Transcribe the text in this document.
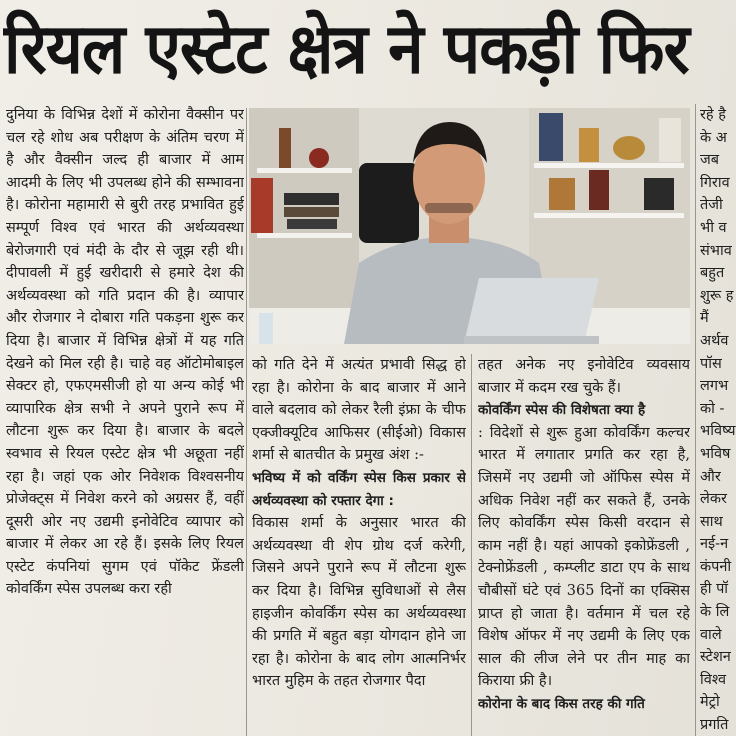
रियल एस्टेट क्षेत्र ने पकड़ी फिर

दुनिया के विभिन्न देशों में कोरोना वैक्सीन पर चल रहे शोध अब परीक्षण के अंतिम चरण में है और वैक्सीन जल्द ही बाजार में आम आदमी के लिए भी उपलब्ध होने की सम्भावना है। कोरोना महामारी से बुरी तरह प्रभावित हुई सम्पूर्ण विश्व एवं भारत की अर्थव्यवस्था बेरोजगारी एवं मंदी के दौर से जूझ रही थी। दीपावली में हुई खरीदारी से हमारे देश की अर्थव्यवस्था को गति प्रदान की है। व्यापार और रोजगार ने दोबारा गति पकड़ना शुरू कर दिया है। बाजार में विभिन्न क्षेत्रों में यह गति देखने को मिल रही है। चाहे वह ऑटोमोबाइल सेक्टर हो, एफएमसीजी हो या अन्य कोई भी व्यापारिक क्षेत्र सभी ने अपने पुराने रूप में लौटना शुरू कर दिया है। बाजार के बदले स्वभाव से रियल एस्टेट क्षेत्र भी अछूता नहीं रहा है। जहां एक ओर निवेशक विश्वसनीय प्रोजेक्ट्स में निवेश करने को अग्रसर हैं, वहीं दूसरी ओर नए उद्यमी इनोवेटिव व्यापार को बाजार में लेकर आ रहे हैं। इसके लिए रियल एस्टेट कंपनियां सुगम एवं पॉकेट फ्रेंडली कोवर्किंग स्पेस उपलब्ध करा रही

को गति देने में अत्यंत प्रभावी सिद्ध हो रहा है। कोरोना के बाद बाजार में आने वाले बदलाव को लेकर रैली इंफ्रा के चीफ एक्जीक्यूटिव आफिसर (सीईओ) विकास शर्मा से बातचीत के प्रमुख अंश :-

भविष्य में को वर्किंग स्पेस किस प्रकार से अर्थव्यवस्था को रफ्तार देगा :

विकास शर्मा के अनुसार भारत की अर्थव्यवस्था वी शेप ग्रोथ दर्ज करेगी, जिसने अपने पुराने रूप में लौटना शुरू कर दिया है। विभिन्न सुविधाओं से लैस हाइजीन कोवर्किंग स्पेस का अर्थव्यवस्था की प्रगति में बहुत बड़ा योगदान होने जा रहा है। कोरोना के बाद लोग आत्मनिर्भर भारत मुहिम के तहत रोजगार पैदा

तहत अनेक नए इनोवेटिव व्यवसाय बाजार में कदम रख चुके हैं।

कोवर्किंग स्पेस की विशेषता क्या है

: विदेशों से शुरू हुआ कोवर्किंग कल्चर भारत में लगातार प्रगति कर रहा है, जिसमें नए उद्यमी जो ऑफिस स्पेस में अधिक निवेश नहीं कर सकते हैं, उनके लिए कोवर्किंग स्पेस किसी वरदान से काम नहीं है। यहां आपको इकोफ्रेंडली , टेक्नोफ्रेंडली , कम्प्लीट डाटा एप के साथ चौबीसों घंटे एवं 365 दिनों का एक्सिस प्राप्त हो जाता है। वर्तमान में चल रहे विशेष ऑफर में नए उद्यमी के लिए एक साल की लीज लेने पर तीन माह का किराया फ्री है।

कोरोना के बाद किस तरह की गति

रहे है
के अ
जब
गिराव
तेजी
भी व
संभाव
बहुत
शुरू ह
मैं
अर्थव
पॉस
लगभ
को -
भविष्य
भविष
और
लेकर
साथ
नई-न
कंपनी
ही पॉ
के लि
वाले
स्टेशन
विश्व
मेट्रो
प्रगति
